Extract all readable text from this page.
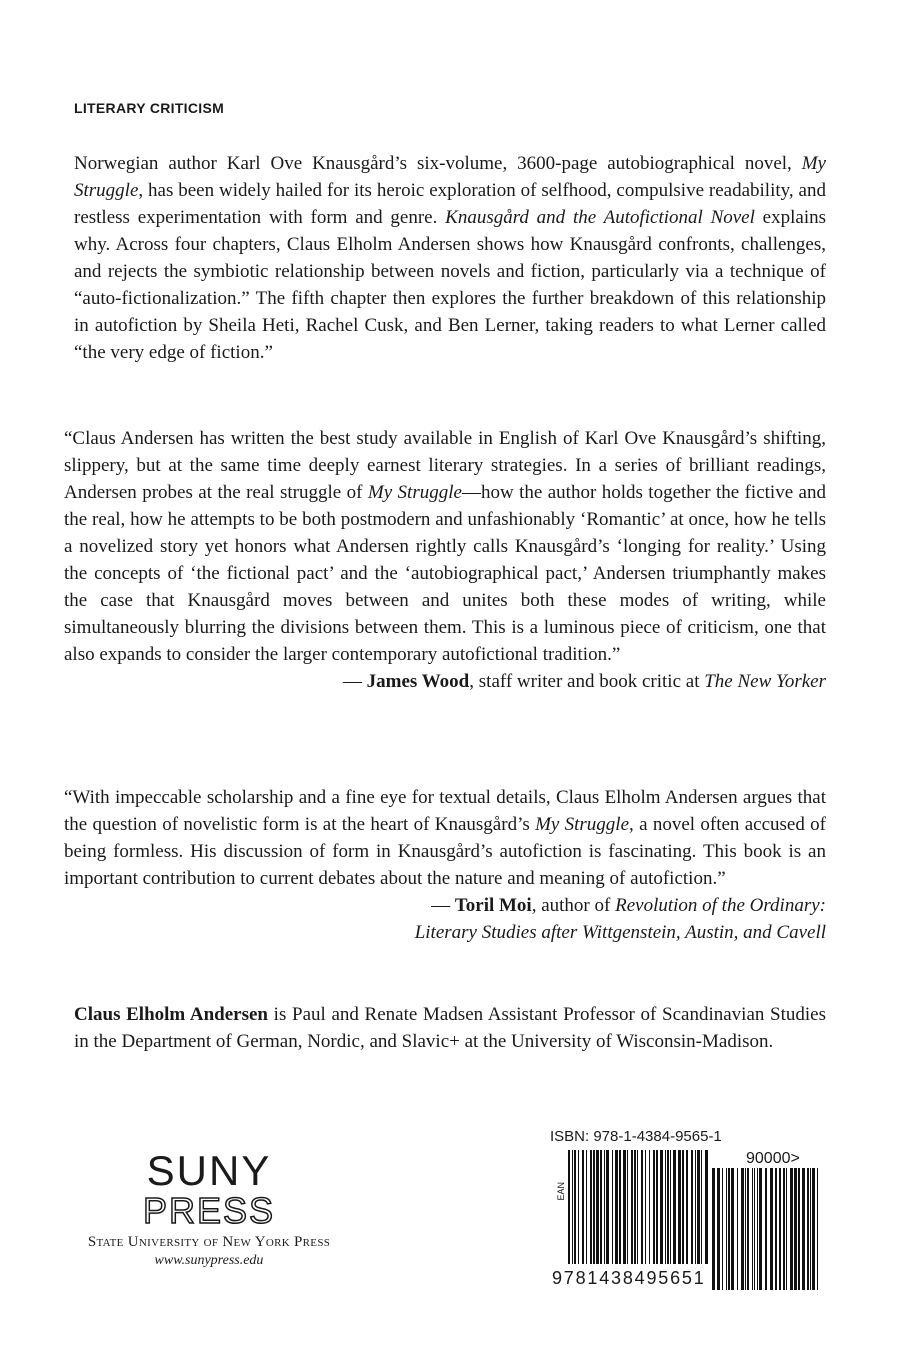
LITERARY CRITICISM
Norwegian author Karl Ove Knausgård’s six-volume, 3600-page autobiographical novel, My Struggle, has been widely hailed for its heroic exploration of selfhood, compulsive readability, and restless experimentation with form and genre. Knausgård and the Autofictional Novel explains why. Across four chapters, Claus Elholm Andersen shows how Knausgård confronts, challenges, and rejects the symbiotic relationship between novels and fiction, particularly via a technique of “auto-fictionalization.” The fifth chapter then explores the further breakdown of this relationship in autofiction by Sheila Heti, Rachel Cusk, and Ben Lerner, taking readers to what Lerner called “the very edge of fiction.”
“Claus Andersen has written the best study available in English of Karl Ove Knausgård’s shifting, slippery, but at the same time deeply earnest literary strategies. In a series of brilliant readings, Andersen probes at the real struggle of My Struggle—how the author holds together the fictive and the real, how he attempts to be both postmodern and unfashionably ‘Romantic’ at once, how he tells a novelized story yet honors what Andersen rightly calls Knausgård’s ‘longing for reality.’ Using the concepts of ‘the fictional pact’ and the ‘autobiographical pact,’ Andersen triumphantly makes the case that Knausgård moves between and unites both these modes of writing, while simultaneously blurring the divisions between them. This is a luminous piece of criticism, one that also expands to consider the larger contemporary autofictional tradition.”
— James Wood, staff writer and book critic at The New Yorker
“With impeccable scholarship and a fine eye for textual details, Claus Elholm Andersen argues that the question of novelistic form is at the heart of Knausgård’s My Struggle, a novel often accused of being formless. His discussion of form in Knausgård’s autofiction is fascinating. This book is an important contribution to current debates about the nature and meaning of autofiction.”
— Toril Moi, author of Revolution of the Ordinary:
Literary Studies after Wittgenstein, Austin, and Cavell
Claus Elholm Andersen is Paul and Renate Madsen Assistant Professor of Scandinavian Studies in the Department of German, Nordic, and Slavic+ at the University of Wisconsin-Madison.
SUNY
PRESS
State University of New York Press
www.sunypress.edu
ISBN: 978-1-4384-9565-1
EAN
9781438495651
90000>
